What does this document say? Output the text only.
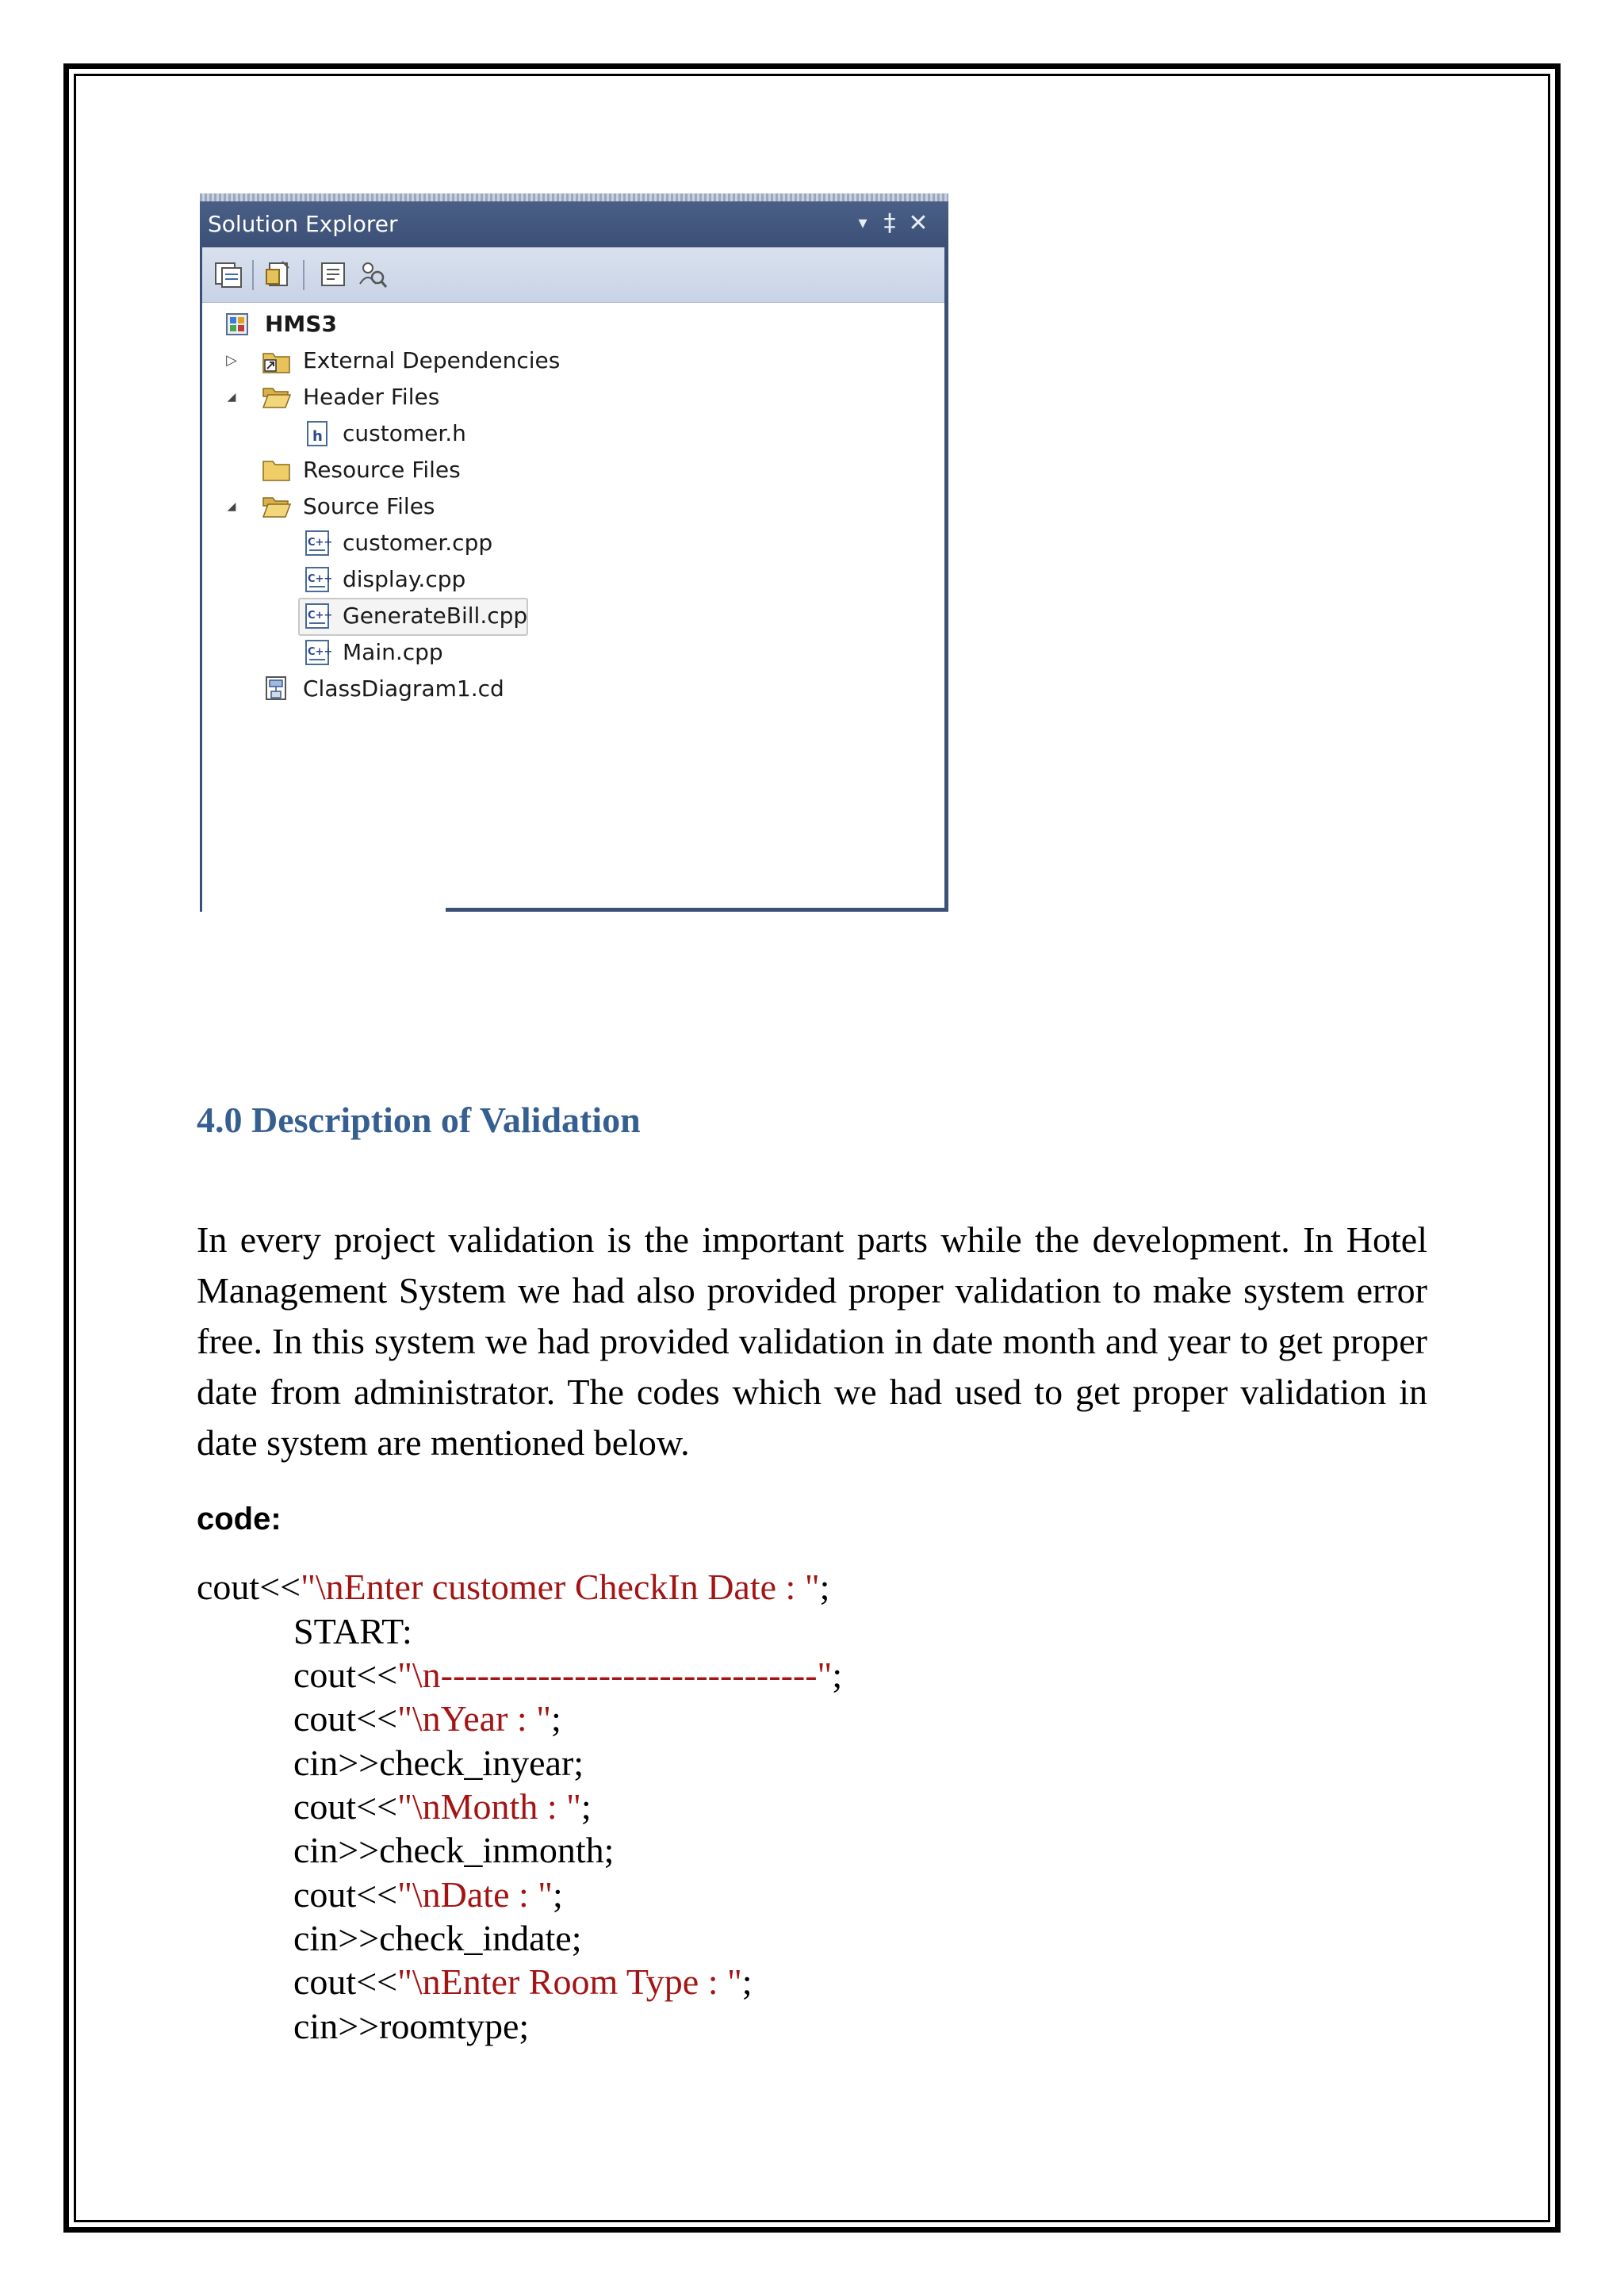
Solution Explorer	▾ ‡ ✕
HMS3
▷	External Dependencies
◢	Header Files
h customer.h
Resource Files
◢	Source Files
C++ customer.cpp
C++ display.cpp
C++ GenerateBill.cpp
C++ Main.cpp
ClassDiagram1.cd
4.0 Description of Validation
In every project validation is the important parts while the development. In Hotel Management System we had also provided proper validation to make system error free. In this system we had provided validation in date month and year to get proper date from administrator. The codes which we had used to get proper validation in date system are mentioned below.
code:
cout<<"\nEnter customer CheckIn Date : ";
START:
cout<<"\n-------------------------------";
cout<<"\nYear : ";
cin>>check_inyear;
cout<<"\nMonth : ";
cin>>check_inmonth;
cout<<"\nDate : ";
cin>>check_indate;
cout<<"\nEnter Room Type : ";
cin>>roomtype;
